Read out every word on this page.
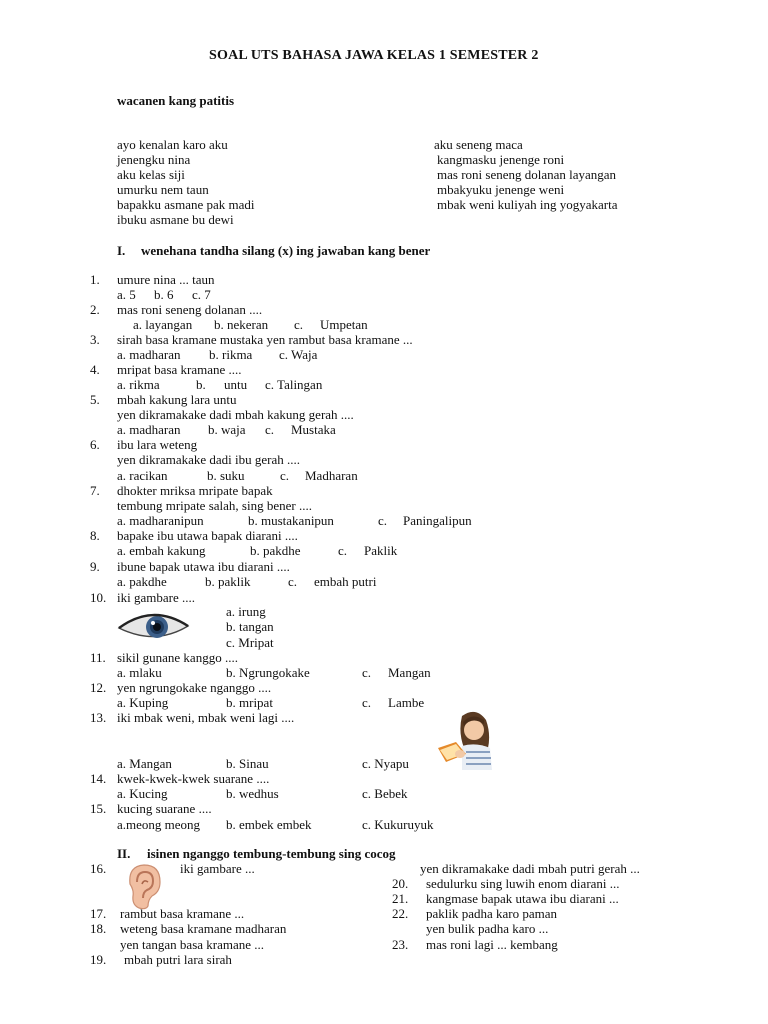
SOAL UTS BAHASA JAWA KELAS 1 SEMESTER 2
wacanen kang patitis
ayo kenalan karo aku
jenengku nina
aku kelas siji
umurku nem taun
bapakku asmane pak madi
ibuku asmane bu dewi
aku seneng maca
kangmasku jenenge roni
mas roni seneng dolanan layangan
mbakyuku jenenge weni
mbak weni kuliyah ing yogyakarta
I. wenehana tandha silang (x) ing jawaban kang bener
1. umure nina ... taun
a. 5 b. 6 c. 7
2. mas roni seneng dolanan ....
a. layangan b. nekeran c. Umpetan
3. sirah basa kramane mustaka yen rambut basa kramane ...
a. madharan b. rikma c. Waja
4. mripat basa kramane ....
a. rikma	b. untu c. Talingan
5. mbah kakung lara untu
yen dikramakake dadi mbah kakung gerah ....
a. madharan b. waja c. Mustaka
6. ibu lara weteng
yen dikramakake dadi ibu gerah ....
a. racikan	b. suku	c. Madharan
7. dhokter mriksa mripate bapak
tembung mripate salah, sing bener ....
a. madharanipun	b. mustakanipun	c. Paningalipun
8. bapake ibu utawa bapak diarani ....
a. embah kakung	b. pakdhe	c. Paklik
9. ibune bapak utawa ibu diarani ....
a. pakdhe	b. paklik	c. embah putri
10. iki gambare ....
a. irung
b. tangan
c. Mripat
11. sikil gunane kanggo ....
a. mlaku	b. Ngrungokake	c. Mangan
12. yen ngrungokake nganggo ....
a. Kuping	b. mripat	c. Lambe
13. iki mbak weni, mbak weni lagi ....
a. Mangan	b. Sinau	c. Nyapu
14. kwek-kwek-kwek suarane ....
a. Kucing	b. wedhus	c. Bebek
15. kucing suarane ....
a.meong meong b. embek embek	c. Kukuruyuk
II. isinen nganggo tembung-tembung sing cocog
16.	iki gambare ...	yen dikramakake dadi mbah putri gerah ...
20. sedulurku sing luwih enom diarani ...
21. kangmase bapak utawa ibu diarani ...
17. rambut basa kramane ...	22. paklik padha karo paman
18. weteng basa kramane madharan	yen bulik padha karo ...
yen tangan basa kramane ...	23. mas roni lagi ... kembang
19. mbah putri lara sirah
